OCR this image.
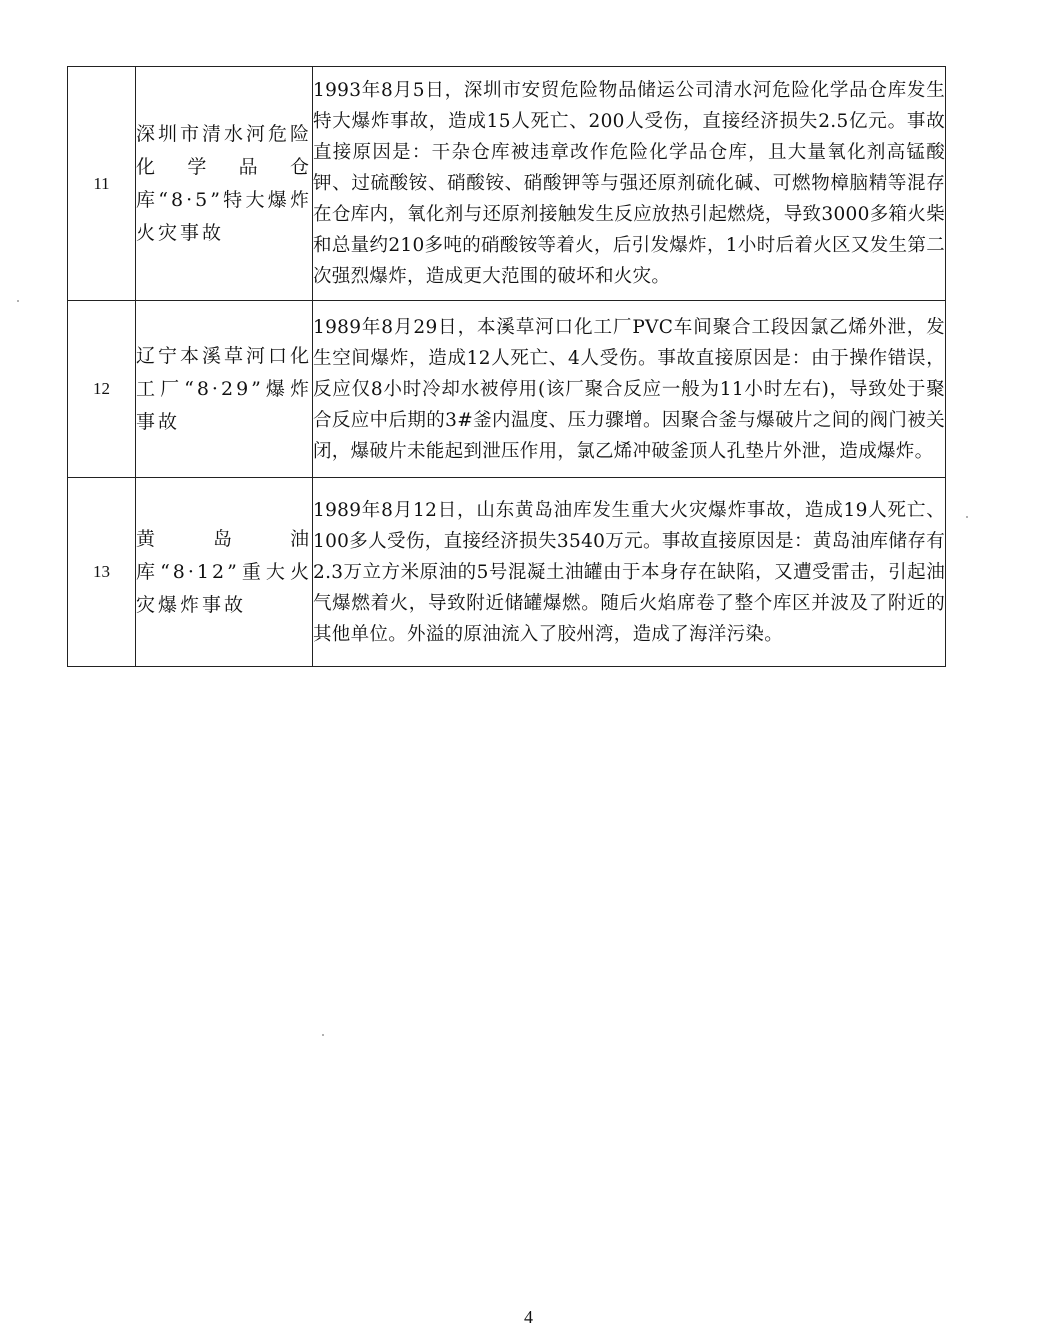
11	深圳市清水河危险化学品仓库“8·5”特大爆炸火灾事故	1993年8月5日，深圳市安贸危险物品储运公司清水河危险化学品仓库发生特大爆炸事故，造成15人死亡、200人受伤，直接经济损失2.5亿元。事故直接原因是：干杂仓库被违章改作危险化学品仓库，且大量氧化剂高锰酸钾、过硫酸铵、硝酸铵、硝酸钾等与强还原剂硫化碱、可燃物樟脑精等混存在仓库内，氧化剂与还原剂接触发生反应放热引起燃烧，导致3000多箱火柴和总量约210多吨的硝酸铵等着火，后引发爆炸，1小时后着火区又发生第二次强烈爆炸，造成更大范围的破坏和火灾。
12	辽宁本溪草河口化工厂“8·29”爆炸事故	1989年8月29日，本溪草河口化工厂PVC车间聚合工段因氯乙烯外泄，发生空间爆炸，造成12人死亡、4人受伤。事故直接原因是：由于操作错误，反应仅8小时冷却水被停用(该厂聚合反应一般为11小时左右)，导致处于聚合反应中后期的3#釜内温度、压力骤增。因聚合釜与爆破片之间的阀门被关闭，爆破片未能起到泄压作用，氯乙烯冲破釜顶人孔垫片外泄，造成爆炸。
13	黄岛油库“8·12”重大火灾爆炸事故	1989年8月12日，山东黄岛油库发生重大火灾爆炸事故，造成19人死亡、100多人受伤，直接经济损失3540万元。事故直接原因是：黄岛油库储存有2.3万立方米原油的5号混凝土油罐由于本身存在缺陷，又遭受雷击，引起油气爆燃着火，导致附近储罐爆燃。随后火焰席卷了整个库区并波及了附近的其他单位。外溢的原油流入了胶州湾，造成了海洋污染。
4
